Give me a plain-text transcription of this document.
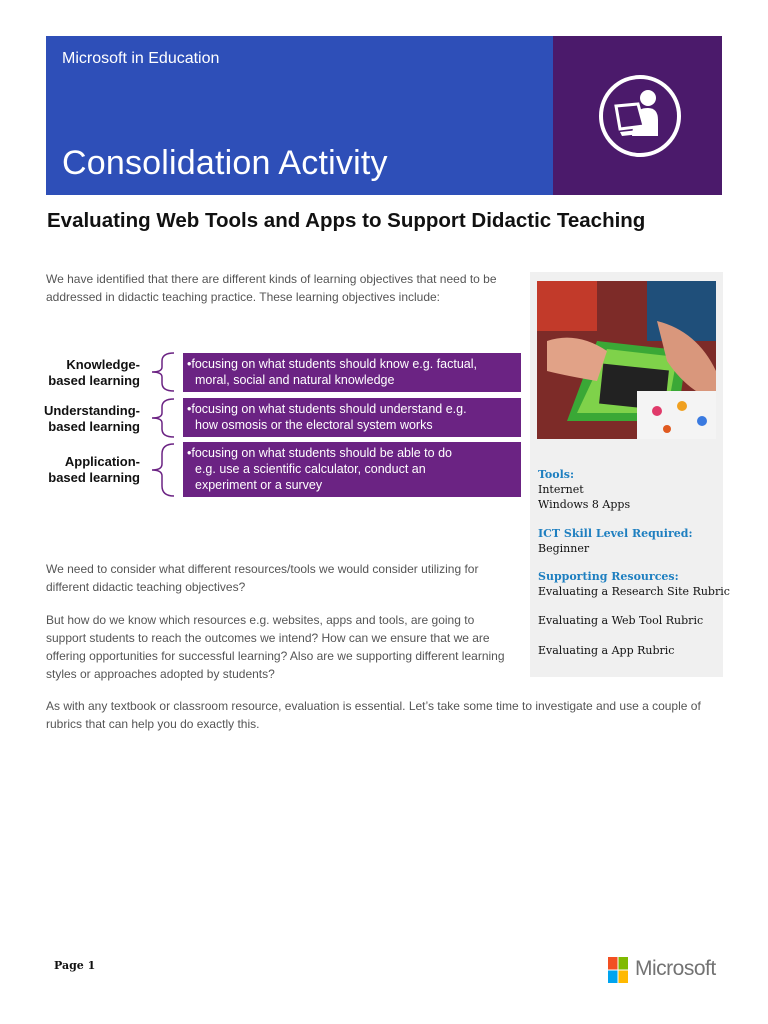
Microsoft in Education
Consolidation Activity
Evaluating Web Tools and Apps to Support Didactic Teaching
We have identified that there are different kinds of learning objectives that need to be addressed in didactic teaching practice. These learning objectives include:
Knowledge-
based learning
•focusing on what students should know e.g. factual,
moral, social and natural knowledge
Understanding-
based learning
•focusing on what students should understand e.g.
how osmosis or the electoral system works
Application-
based learning
•focusing on what students should be able to do
e.g. use a scientific calculator, conduct an
experiment or a survey
We need to consider what different resources/tools we would consider utilizing for different didactic teaching objectives?
But how do we know which resources e.g. websites, apps and tools, are going to support students to reach the outcomes we intend? How can we ensure that we are offering opportunities for successful learning? Also are we supporting different learning styles or approaches adopted by students?
As with any textbook or classroom resource, evaluation is essential. Let’s take some time to investigate and use a couple of rubrics that can help you do exactly this.
Tools:
Internet
Windows 8 Apps
ICT Skill Level Required:
Beginner
Supporting Resources:
Evaluating a Research Site Rubric
Evaluating a Web Tool Rubric
Evaluating a App Rubric
Page 1	Microsoft
